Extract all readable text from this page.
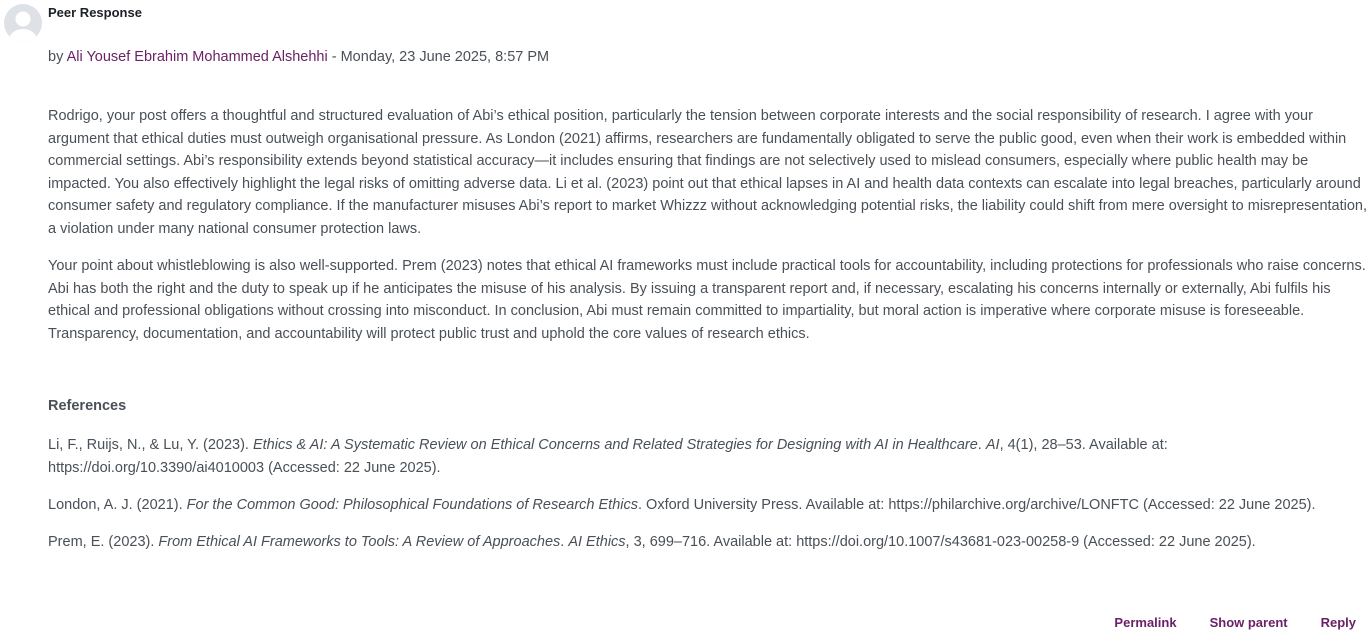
Peer Response
by Ali Yousef Ebrahim Mohammed Alshehhi - Monday, 23 June 2025, 8:57 PM

Rodrigo, your post offers a thoughtful and structured evaluation of Abi’s ethical position, particularly the tension between corporate interests and the social responsibility of research. I agree with your argument that ethical duties must outweigh organisational pressure. As London (2021) affirms, researchers are fundamentally obligated to serve the public good, even when their work is embedded within commercial settings. Abi’s responsibility extends beyond statistical accuracy—it includes ensuring that findings are not selectively used to mislead consumers, especially where public health may be impacted. You also effectively highlight the legal risks of omitting adverse data. Li et al. (2023) point out that ethical lapses in AI and health data contexts can escalate into legal breaches, particularly around consumer safety and regulatory compliance. If the manufacturer misuses Abi’s report to market Whizzz without acknowledging potential risks, the liability could shift from mere oversight to misrepresentation, a violation under many national consumer protection laws.

Your point about whistleblowing is also well-supported. Prem (2023) notes that ethical AI frameworks must include practical tools for accountability, including protections for professionals who raise concerns. Abi has both the right and the duty to speak up if he anticipates the misuse of his analysis. By issuing a transparent report and, if necessary, escalating his concerns internally or externally, Abi fulfils his ethical and professional obligations without crossing into misconduct. In conclusion, Abi must remain committed to impartiality, but moral action is imperative where corporate misuse is foreseeable. Transparency, documentation, and accountability will protect public trust and uphold the core values of research ethics.

References
Li, F., Ruijs, N., & Lu, Y. (2023). Ethics & AI: A Systematic Review on Ethical Concerns and Related Strategies for Designing with AI in Healthcare. AI, 4(1), 28–53. Available at: https://doi.org/10.3390/ai4010003 (Accessed: 22 June 2025).
London, A. J. (2021). For the Common Good: Philosophical Foundations of Research Ethics. Oxford University Press. Available at: https://philarchive.org/archive/LONFTC (Accessed: 22 June 2025).
Prem, E. (2023). From Ethical AI Frameworks to Tools: A Review of Approaches. AI Ethics, 3, 699–716. Available at: https://doi.org/10.1007/s43681-023-00258-9 (Accessed: 22 June 2025).
Permalink	Show parent	Reply
